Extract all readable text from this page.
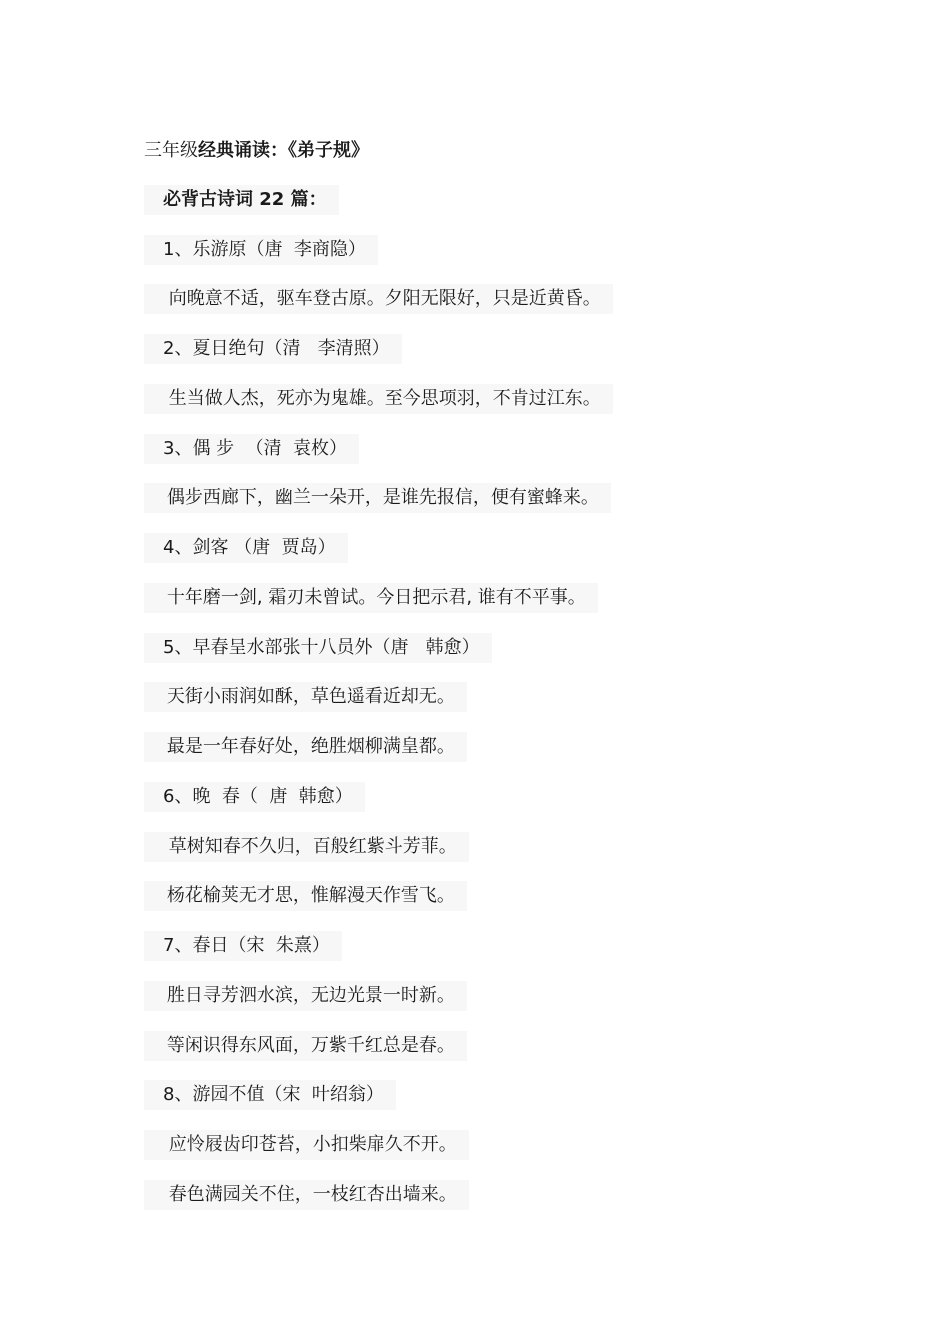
三年级经典诵读：《弟子规》
必背古诗词 22 篇：
1、乐游原（唐  李商隐）
向晚意不适，驱车登古原。夕阳无限好，只是近黄昏。
2、夏日绝句（清   李清照）
生当做人杰，死亦为鬼雄。至今思项羽，不肯过江东。
3、偶 步  （清  袁枚）
偶步西廊下，幽兰一朵开，是谁先报信，便有蜜蜂来。
4、剑客 （唐  贾岛）
十年磨一剑, 霜刃未曾试。今日把示君, 谁有不平事。
5、早春呈水部张十八员外（唐   韩愈）
天街小雨润如酥，草色遥看近却无。
最是一年春好处，绝胜烟柳满皇都。
6、晚  春（  唐  韩愈）
草树知春不久归，百般红紫斗芳菲。
杨花榆荚无才思，惟解漫天作雪飞。
7、春日（宋  朱熹）
胜日寻芳泗水滨，无边光景一时新。
等闲识得东风面，万紫千红总是春。
8、游园不值（宋  叶绍翁）
应怜屐齿印苍苔，小扣柴扉久不开。
春色满园关不住，一枝红杏出墙来。
